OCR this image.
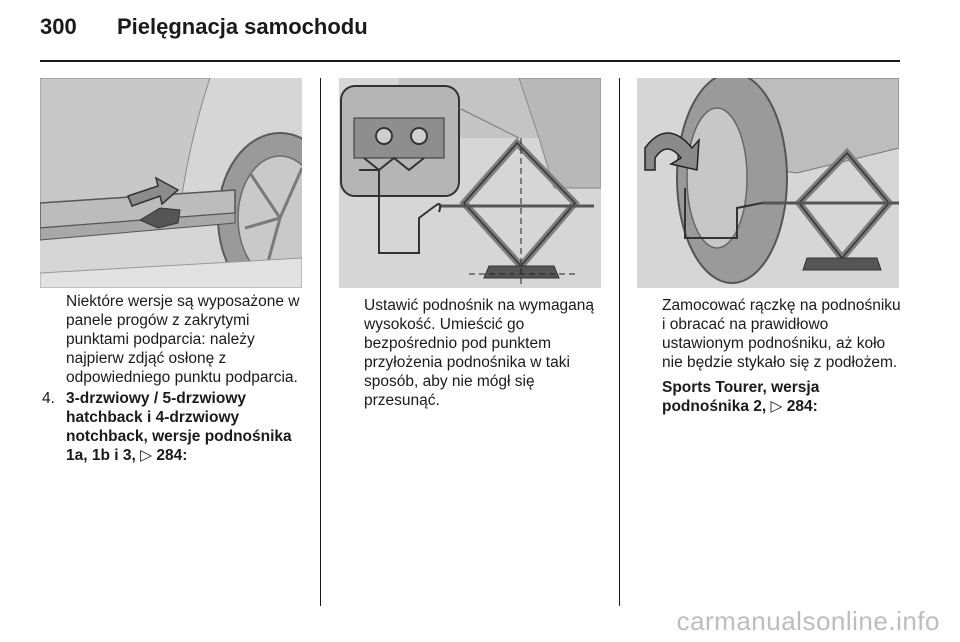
300 Pielęgnacja samochodu

Niektóre wersje są wyposażone w panele progów z zakrytymi punktami podparcia: należy najpierw zdjąć osłonę z odpowiedniego punktu podparcia.

4. 3-drzwiowy / 5-drzwiowy hatchback i 4-drzwiowy notchback, wersje podnośnika 1a, 1b i 3, ▷ 284:

Ustawić podnośnik na wymaganą wysokość. Umieścić go bezpośrednio pod punktem przyłożenia podnośnika w taki sposób, aby nie mógł się przesunąć.

Zamocować rączkę na podnośniku i obracać na prawidłowo ustawionym podnośniku, aż koło nie będzie stykało się z podłożem.

Sports Tourer, wersja podnośnika 2, ▷ 284:

carmanualsonline.info
